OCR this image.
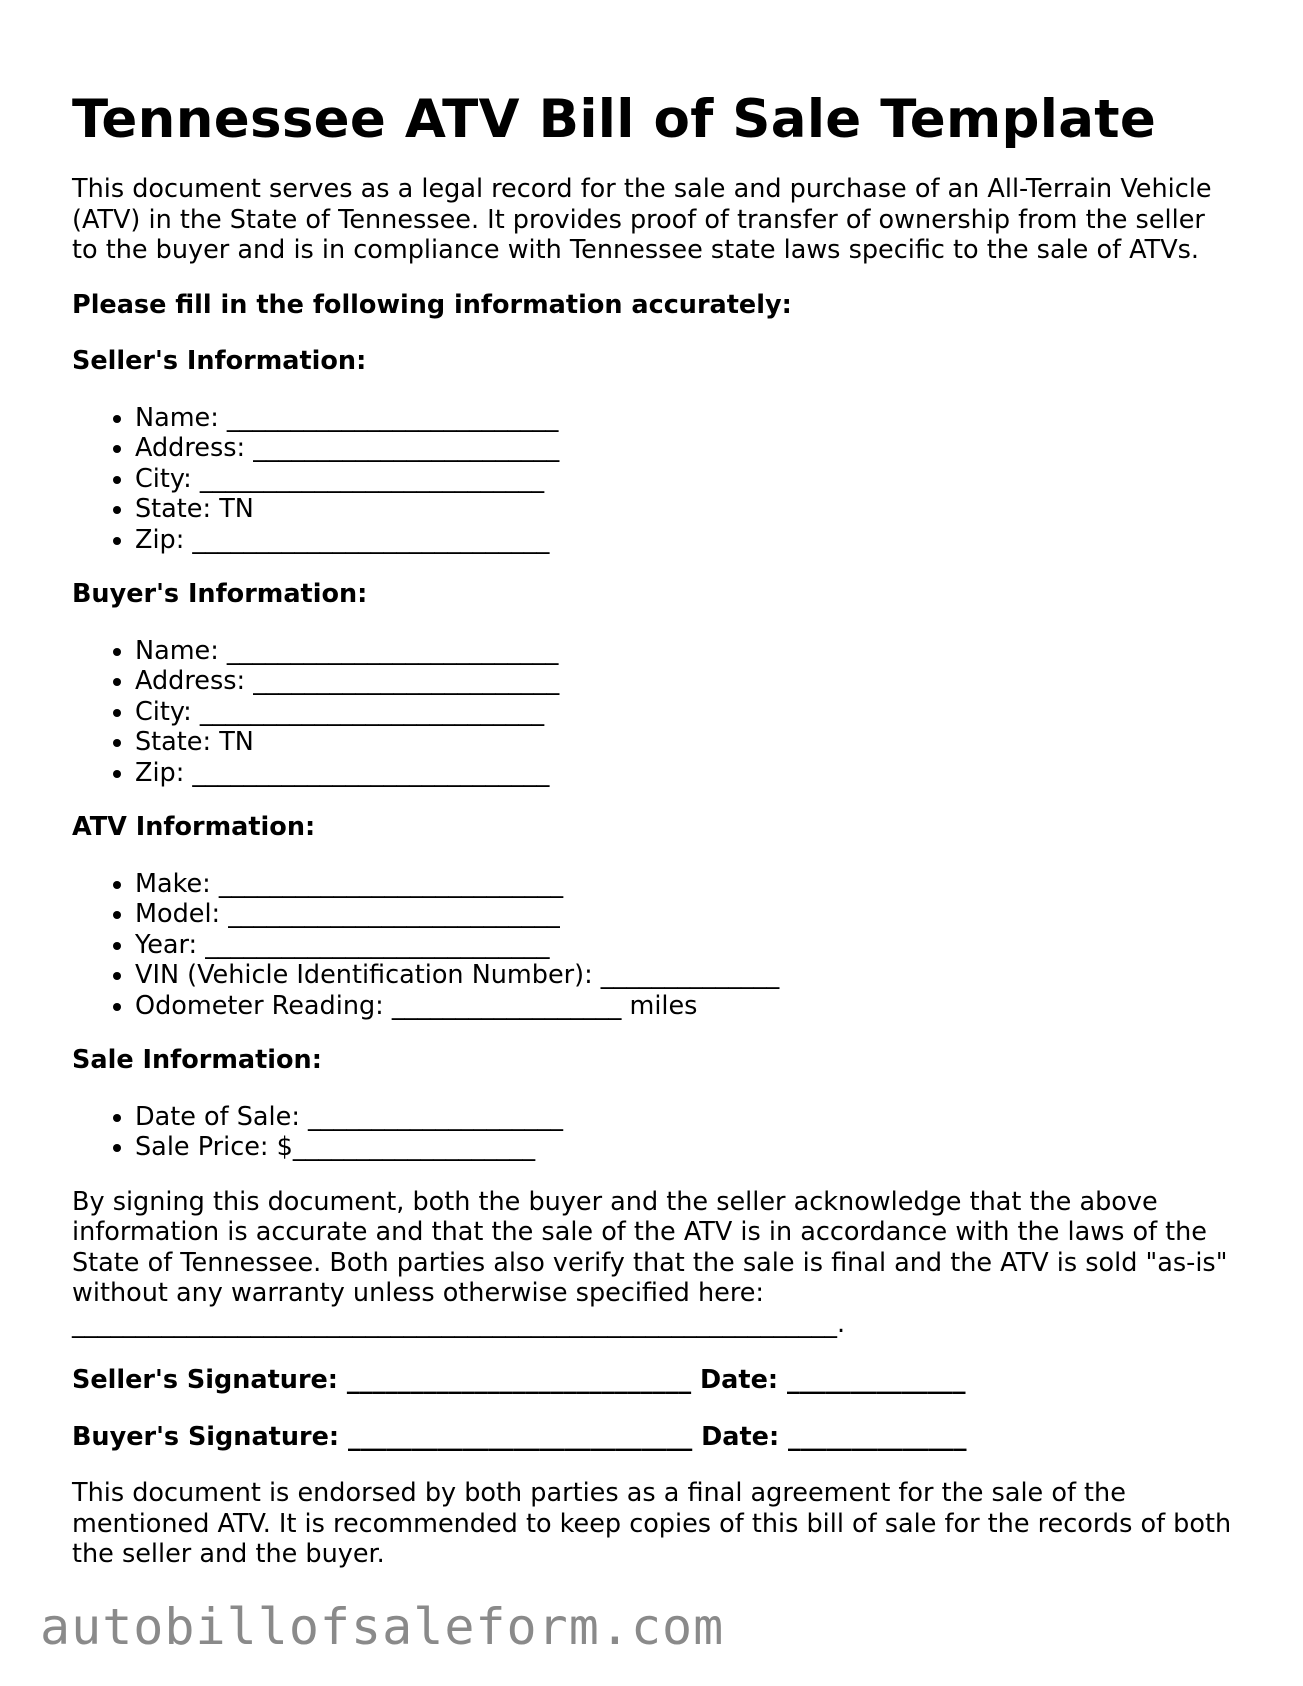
Tennessee ATV Bill of Sale Template

This document serves as a legal record for the sale and purchase of an All-Terrain Vehicle (ATV) in the State of Tennessee. It provides proof of transfer of ownership from the seller to the buyer and is in compliance with Tennessee state laws specific to the sale of ATVs.

Please fill in the following information accurately:
Seller's Information:
• Name: __________________________
• Address: ________________________
• City: ___________________________
• State: TN
• Zip: ____________________________
Buyer's Information:
• Name: __________________________
• Address: ________________________
• City: ___________________________
• State: TN
• Zip: ____________________________
ATV Information:
• Make: ___________________________
• Model: __________________________
• Year: ___________________________
• VIN (Vehicle Identification Number): ______________
• Odometer Reading: __________________ miles
Sale Information:
• Date of Sale: ____________________
• Sale Price: $___________________

By signing this document, both the buyer and the seller acknowledge that the above information is accurate and that the sale of the ATV is in accordance with the laws of the State of Tennessee. Both parties also verify that the sale is final and the ATV is sold "as-is" without any warranty unless otherwise specified here:
____________________________________________________________.

Seller's Signature: ___________________________ Date: ______________
Buyer's Signature: ___________________________ Date: ______________

This document is endorsed by both parties as a final agreement for the sale of the mentioned ATV. It is recommended to keep copies of this bill of sale for the records of both the seller and the buyer.

autobillofsaleform.com
